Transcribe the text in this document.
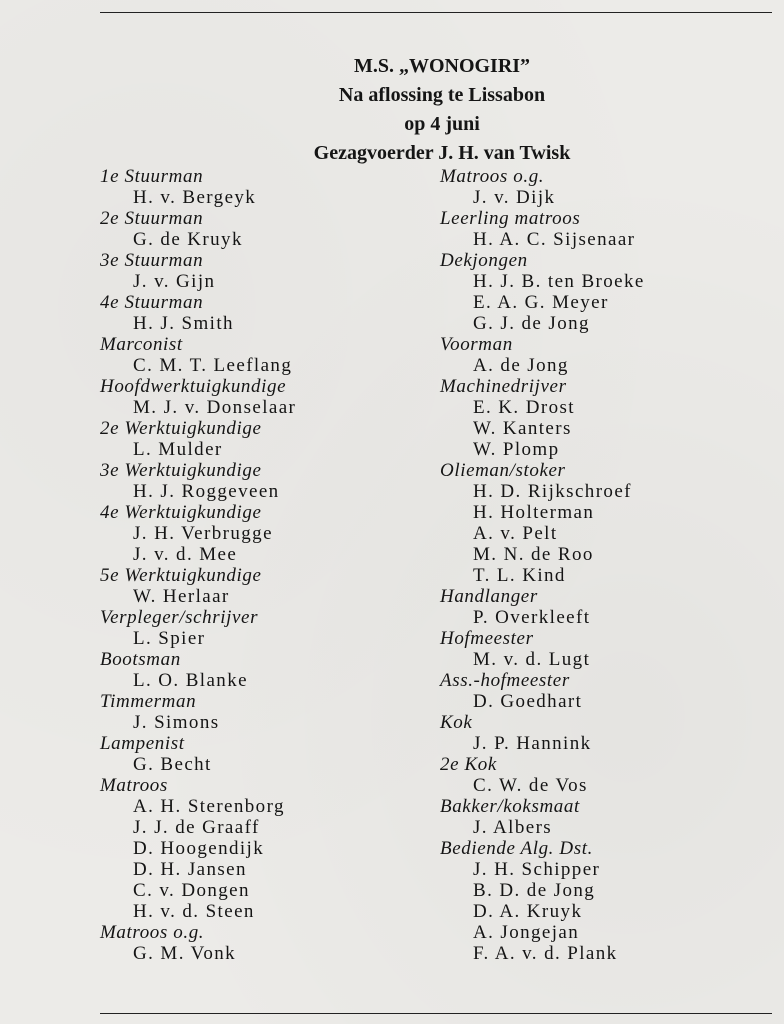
M.S. „WONOGIRI”
Na aflossing te Lissabon
op 4 juni
Gezagvoerder J. H. van Twisk
1e Stuurman
H. v. Bergeyk
2e Stuurman
G. de Kruyk
3e Stuurman
J. v. Gijn
4e Stuurman
H. J. Smith
Marconist
C. M. T. Leeflang
Hoofdwerktuigkundige
M. J. v. Donselaar
2e Werktuigkundige
L. Mulder
3e Werktuigkundige
H. J. Roggeveen
4e Werktuigkundige
J. H. Verbrugge
J. v. d. Mee
5e Werktuigkundige
W. Herlaar
Verpleger/schrijver
L. Spier
Bootsman
L. O. Blanke
Timmerman
J. Simons
Lampenist
G. Becht
Matroos
A. H. Sterenborg
J. J. de Graaff
D. Hoogendijk
D. H. Jansen
C. v. Dongen
H. v. d. Steen
Matroos o.g.
G. M. Vonk
Matroos o.g.
J. v. Dijk
Leerling matroos
H. A. C. Sijsenaar
Dekjongen
H. J. B. ten Broeke
E. A. G. Meyer
G. J. de Jong
Voorman
A. de Jong
Machinedrijver
E. K. Drost
W. Kanters
W. Plomp
Olieman/stoker
H. D. Rijkschroef
H. Holterman
A. v. Pelt
M. N. de Roo
T. L. Kind
Handlanger
P. Overkleeft
Hofmeester
M. v. d. Lugt
Ass.-hofmeester
D. Goedhart
Kok
J. P. Hannink
2e Kok
C. W. de Vos
Bakker/koksmaat
J. Albers
Bediende Alg. Dst.
J. H. Schipper
B. D. de Jong
D. A. Kruyk
A. Jongejan
F. A. v. d. Plank
